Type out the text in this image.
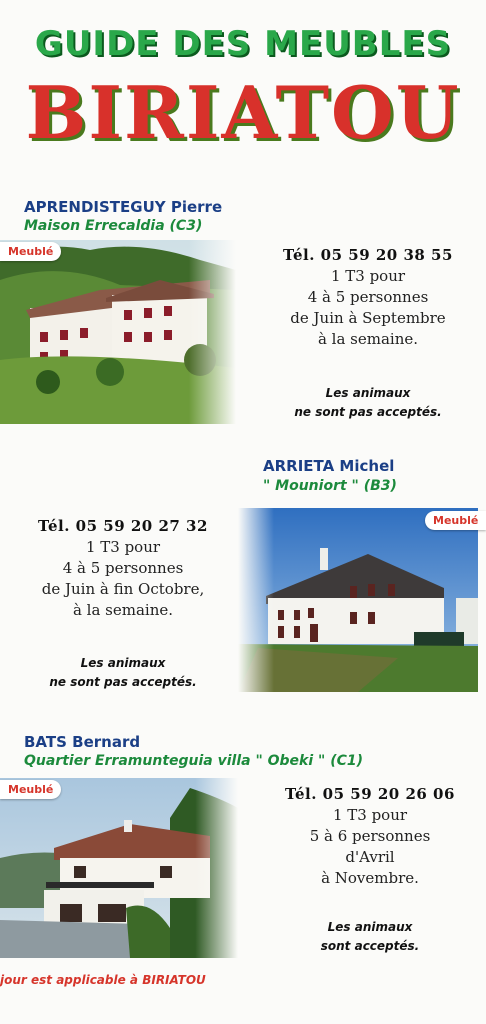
GUIDE DES MEUBLES
BIRIATOU
APRENDISTEGUY Pierre
Maison Errecaldia (C3)
Meublé	Tél. 05 59 20 38 55
1 T3 pour
4 à 5 personnes
de Juin à Septembre
à la semaine.
Les animaux
ne sont pas acceptés.
ARRIETA Michel
" Mouniort " (B3)
Tél. 05 59 20 27 32
1 T3 pour
4 à 5 personnes
de Juin à fin Octobre,
à la semaine.
Les animaux
ne sont pas acceptés.
Meublé
BATS Bernard
Quartier Erramunteguia villa " Obeki " (C1)
Meublé	Tél. 05 59 20 26 06
1 T3 pour
5 à 6 personnes
d'Avril
à Novembre.
Les animaux
sont acceptés.
jour est applicable à BIRIATOU
